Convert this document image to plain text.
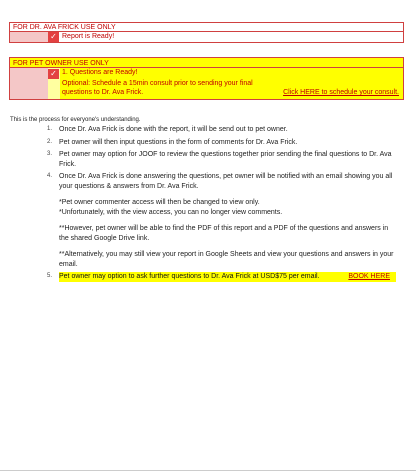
FOR DR. AVA FRICK USE ONLY
✓ Report is Ready!
FOR PET OWNER USE ONLY
✓ 1. Questions are Ready!
Optional: Schedule a 15min consult prior to sending your final
questions to Dr. Ava Frick.	Click HERE to schedule your consult.
This is the process for everyone's understanding.
1. Once Dr. Ava Frick is done with the report, it will be send out to pet owner.
2. Pet owner will then input questions in the form of comments for Dr. Ava Frick.
3. Pet owner may option for JOOF to review the questions together prior sending the final questions to Dr. Ava Frick.
4. Once Dr. Ava Frick is done answering the questions, pet owner will be notified with an email showing you all your questions & answers from Dr. Ava Frick.
*Pet owner commenter access will then be changed to view only.
*Unfortunately, with the view access, you can no longer view comments.
**However, pet owner will be able to find the PDF of this report and a PDF of the questions and answers in the shared Google Drive link.
**Alternatively, you may still view your report in Google Sheets and view your questions and answers in your email.
5. Pet owner may option to ask further questions to Dr. Ava Frick at USD$75 per email.	BOOK HERE
